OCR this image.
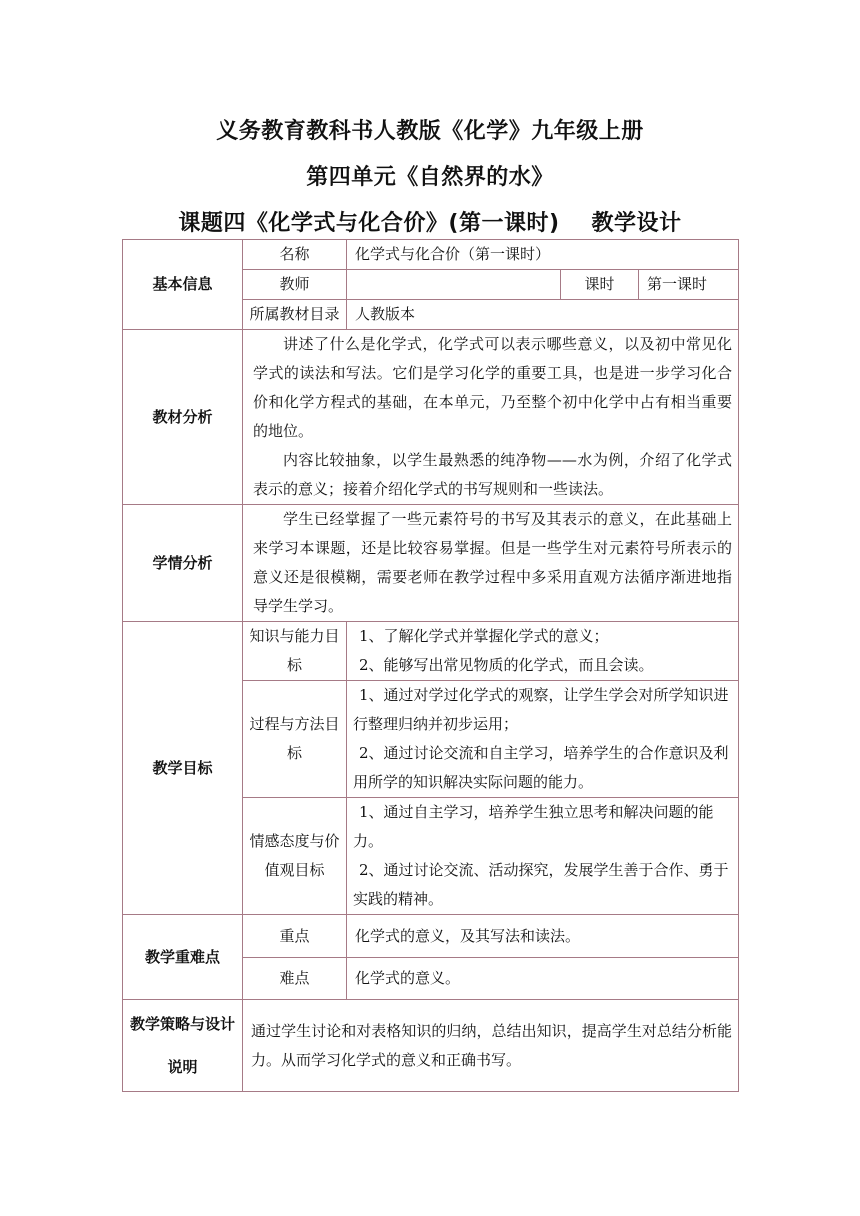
义务教育教科书人教版《化学》九年级上册
第四单元《自然界的水》
课题四《化学式与化合价》(第一课时) 教学设计
基本信息	名称	化学式与化合价（第一课时）		
	教师		课时	第一课时
	所属教材目录	人教版本		
教材分析	讲述了什么是化学式，化学式可以表示哪些意义，以及初中常见化学式的读法和写法。它们是学习化学的重要工具，也是进一步学习化合价和化学方程式的基础，在本单元，乃至整个初中化学中占有相当重要的地位。

内容比较抽象，以学生最熟悉的纯净物——水为例，介绍了化学式表示的意义；接着介绍化学式的书写规则和一些读法。			

学情分析	学生已经掌握了一些元素符号的书写及其表示的意义，在此基础上来学习本课题，还是比较容易掌握。但是一些学生对元素符号所表示的意义还是很模糊，需要老师在教学过程中多采用直观方法循序渐进地指导学生学习。			

教学目标	知识与能力目标	1、了解化学式并掌握化学式的意义；

2、能够写出常见物质的化学式，而且会读。		

	过程与方法目标	1、通过对学过化学式的观察，让学生学会对所学知识进行整理归纳并初步运用；

2、通过讨论交流和自主学习，培养学生的合作意识及利用所学的知识解决实际问题的能力。		

	情感态度与价值观目标	1、通过自主学习，培养学生独立思考和解决问题的能力。

2、通过讨论交流、活动探究，发展学生善于合作、勇于实践的精神。		

教学重难点	重点	化学式的意义，及其写法和读法。		
	难点	化学式的意义。		
教学策略与设计说明	通过学生讨论和对表格知识的归纳，总结出知识，提高学生对总结分析能力。从而学习化学式的意义和正确书写。			
